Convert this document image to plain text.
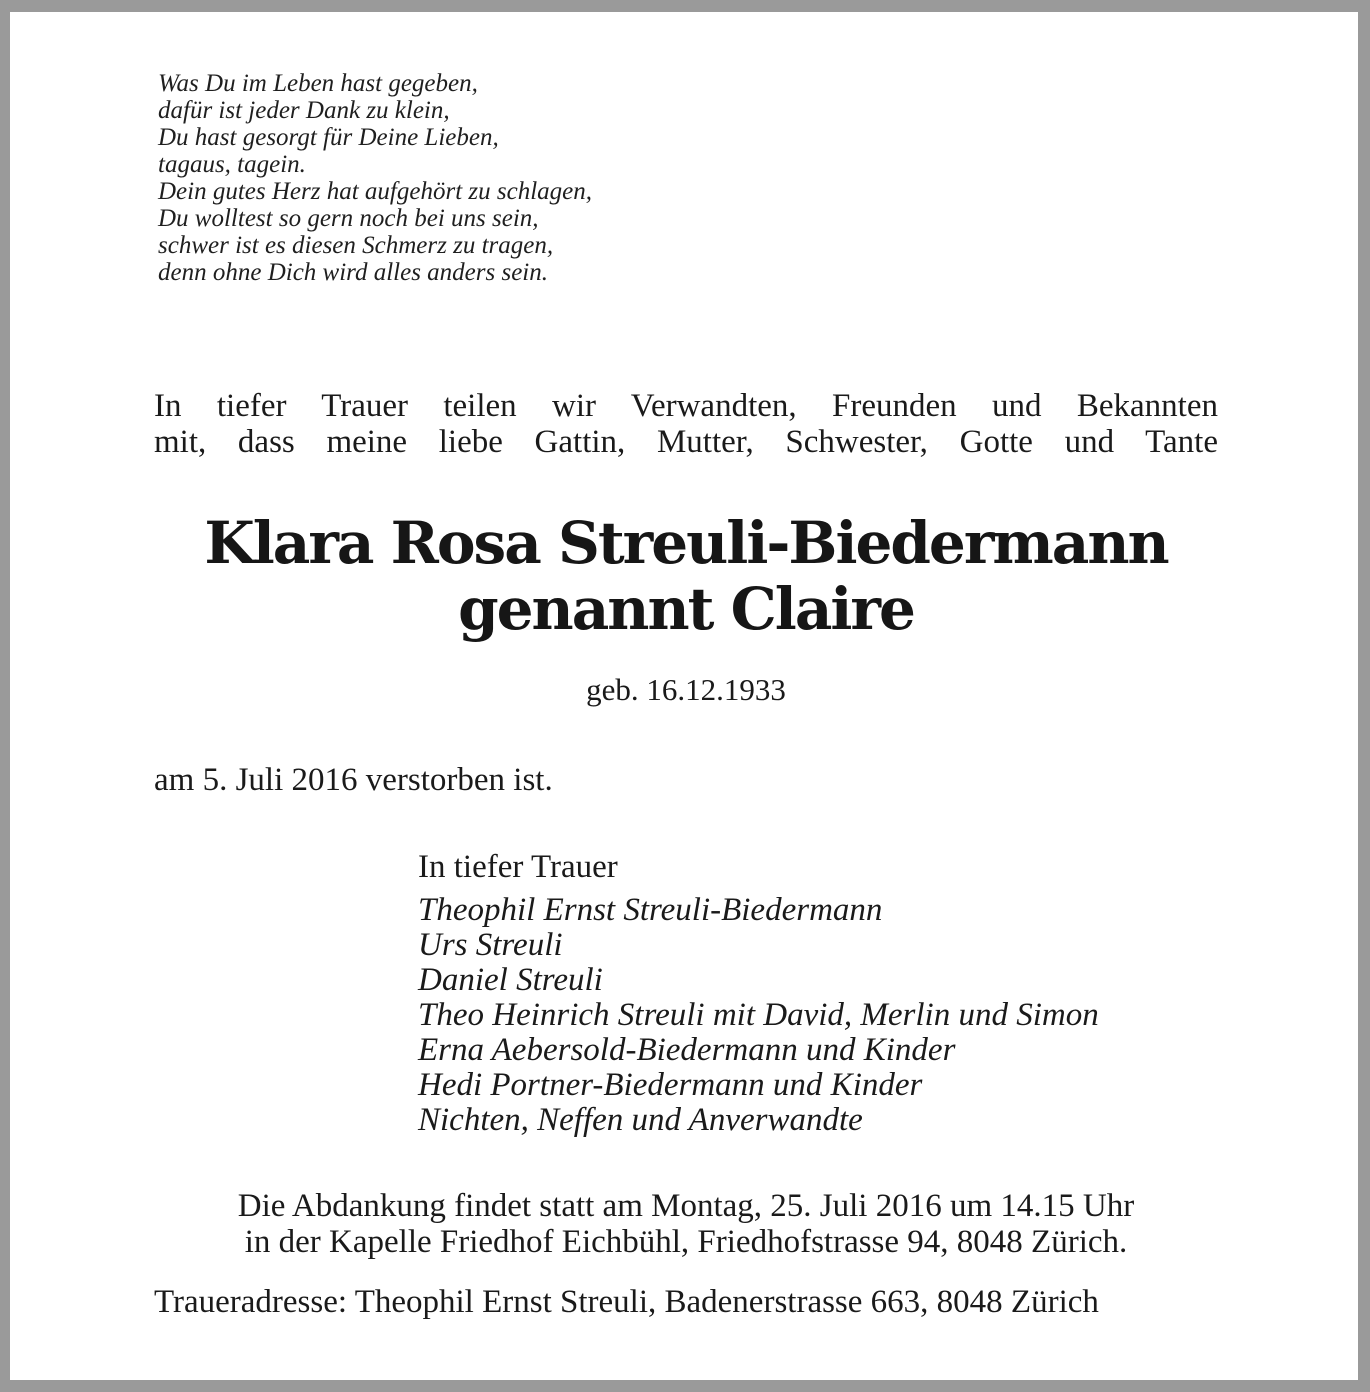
Was Du im Leben hast gegeben,
dafür ist jeder Dank zu klein,
Du hast gesorgt für Deine Lieben,
tagaus, tagein.
Dein gutes Herz hat aufgehört zu schlagen,
Du wolltest so gern noch bei uns sein,
schwer ist es diesen Schmerz zu tragen,
denn ohne Dich wird alles anders sein.
In tiefer Trauer teilen wir Verwandten, Freunden und Bekannten
mit, dass meine liebe Gattin, Mutter, Schwester, Gotte und Tante
Klara Rosa Streuli-Biedermann
genannt Claire
geb. 16.12.1933
am 5. Juli 2016 verstorben ist.
In tiefer Trauer
Theophil Ernst Streuli-Biedermann
Urs Streuli
Daniel Streuli
Theo Heinrich Streuli mit David, Merlin und Simon
Erna Aebersold-Biedermann und Kinder
Hedi Portner-Biedermann und Kinder
Nichten, Neffen und Anverwandte
Die Abdankung findet statt am Montag, 25. Juli 2016 um 14.15 Uhr
in der Kapelle Friedhof Eichbühl, Friedhofstrasse 94, 8048 Zürich.
Traueradresse: Theophil Ernst Streuli, Badenerstrasse 663, 8048 Zürich
